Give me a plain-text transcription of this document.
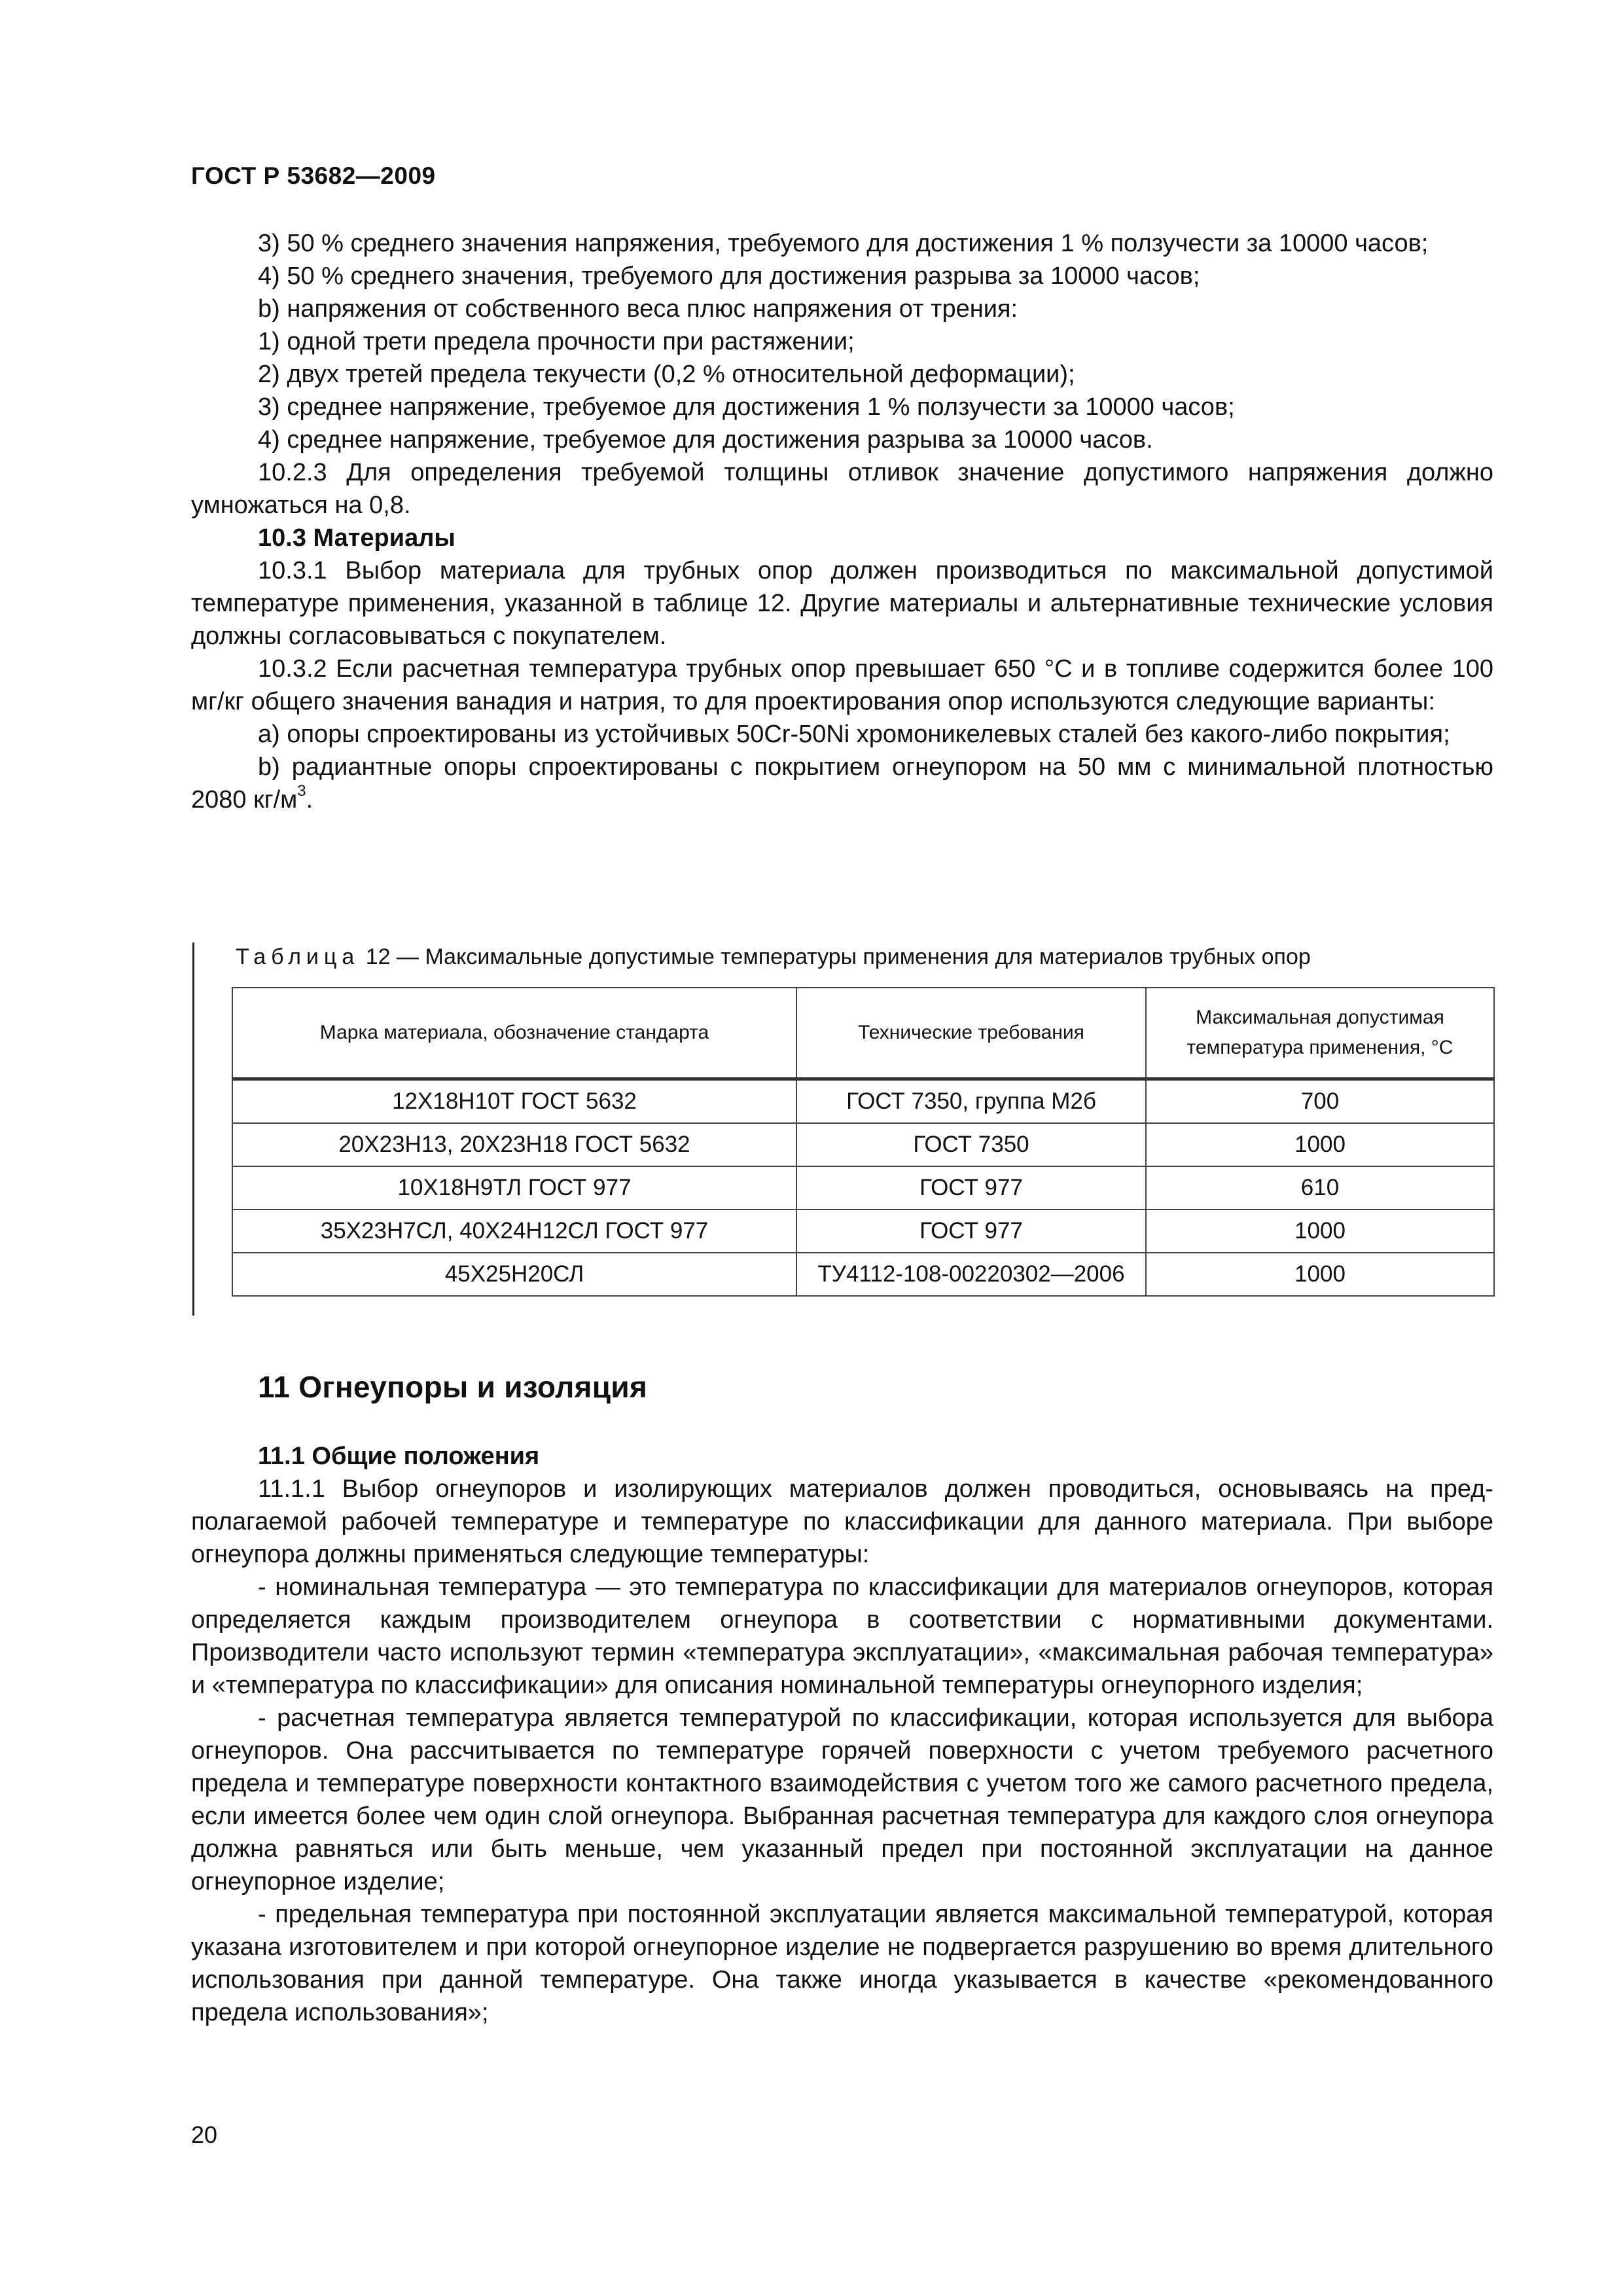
ГОСТ Р 53682—2009

3) 50 % среднего значения напряжения, требуемого для достижения 1 % ползучести за 10000 часов;

4) 50 % среднего значения, требуемого для достижения разрыва за 10000 часов;

b) напряжения от собственного веса плюс напряжения от трения:

1) одной трети предела прочности при растяжении;

2) двух третей предела текучести (0,2 % относительной деформации);

3) среднее напряжение, требуемое для достижения 1 % ползучести за 10000 часов;

4) среднее напряжение, требуемое для достижения разрыва за 10000 часов.

10.2.3 Для определения требуемой толщины отливок значение допустимого напряжения должно умножаться на 0,8.

10.3 Материалы

10.3.1 Выбор материала для трубных опор должен производиться по максимальной допустимой температуре применения, указанной в таблице 12. Другие материалы и альтернативные технические условия должны согласовываться с покупателем.

10.3.2 Если расчетная температура трубных опор превышает 650 °С и в топливе содержится более 100 мг/кг общего значения ванадия и натрия, то для проектирования опор используются следующие варианты:

a) опоры спроектированы из устойчивых 50Cr-50Ni хромоникелевых сталей без какого-либо покрытия;

b) радиантные опоры спроектированы с покрытием огнеупором на 50 мм с минимальной плотностью 2080 $кг/м^3$.

Таблица 12 — Максимальные допустимые температуры применения для материалов трубных опор
Марка материала, обозначение стандарта	Технические требования	Максимальная допустимая температура применения, °С
12Х18Н10Т ГОСТ 5632	ГОСТ 7350, группа М2б	700
20Х23Н13, 20Х23Н18 ГОСТ 5632	ГОСТ 7350	1000
10Х18Н9ТЛ ГОСТ 977	ГОСТ 977	610
35Х23Н7СЛ, 40Х24Н12СЛ ГОСТ 977	ГОСТ 977	1000
45Х25Н20СЛ	ТУ4112-108-00220302—2006	1000
11 Огнеупоры и изоляция

11.1 Общие положения

11.1.1 Выбор огнеупоров и изолирующих материалов должен проводиться, основываясь на предполагаемой рабочей температуре и температуре по классификации для данного материала. При выборе огнеупора должны применяться следующие температуры:

- номинальная температура — это температура по классификации для материалов огнеупоров, которая определяется каждым производителем огнеупора в соответствии с нормативными документами. Производители часто используют термин «температура эксплуатации», «максимальная рабочая температура» и «температура по классификации» для описания номинальной температуры огнеупорного изделия;

- расчетная температура является температурой по классификации, которая используется для выбора огнеупоров. Она рассчитывается по температуре горячей поверхности с учетом требуемого расчетного предела и температуре поверхности контактного взаимодействия с учетом того же самого расчетного предела, если имеется более чем один слой огнеупора. Выбранная расчетная температура для каждого слоя огнеупора должна равняться или быть меньше, чем указанный предел при постоянной эксплуатации на данное огнеупорное изделие;

- предельная температура при постоянной эксплуатации является максимальной температурой, которая указана изготовителем и при которой огнеупорное изделие не подвергается разрушению во время длительного использования при данной температуре. Она также иногда указывается в качестве «рекомендованного предела использования»;

20
